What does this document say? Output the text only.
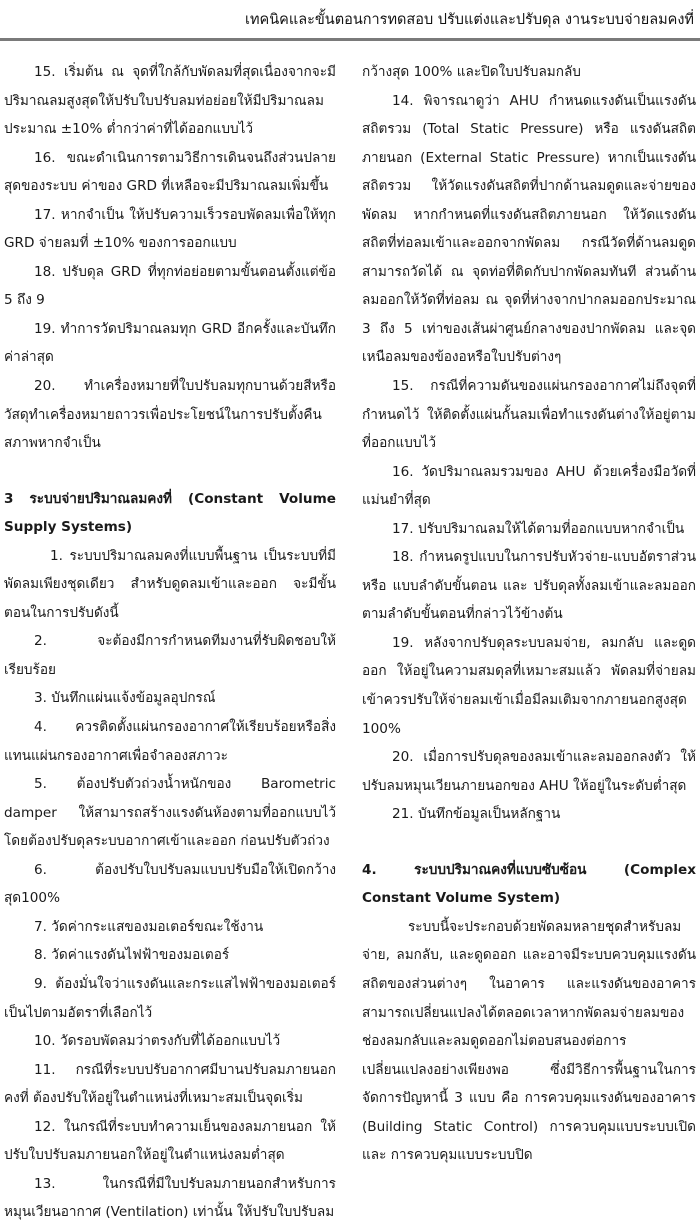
เทคนิคและขั้นตอนการทดสอบ ปรับแต่งและปรับดุล งานระบบจ่ายลมคงที่

15. เริ่มต้น ณ จุดที่ใกล้กับพัดลมที่สุดเนื่องจากจะมีปริมาณลมสูงสุดให้ปรับใบปรับลมท่อย่อยให้มีปริมาณลมประมาณ ±10% ต่ำกว่าค่าที่ได้ออกแบบไว้

16. ขณะดำเนินการตามวิธีการเดินจนถึงส่วนปลายสุดของระบบ ค่าของ GRD ที่เหลือจะมีปริมาณลมเพิ่มขึ้น

17. หากจำเป็น ให้ปรับความเร็วรอบพัดลมเพื่อให้ทุก GRD จ่ายลมที่ ±10% ของการออกแบบ

18. ปรับดุล GRD ที่ทุกท่อย่อยตามขั้นตอนตั้งแต่ข้อ 5 ถึง 9

19. ทำการวัดปริมาณลมทุก GRD อีกครั้งและบันทึกค่าล่าสุด

20. ทำเครื่องหมายที่ใบปรับลมทุกบานด้วยสีหรือวัสดุทำเครื่องหมายถาวรเพื่อประโยชน์ในการปรับตั้งคืนสภาพหากจำเป็น

3 ระบบจ่ายปริมาณลมคงที่ (Constant Volume Supply Systems)

1. ระบบปริมาณลมคงที่แบบพื้นฐาน เป็นระบบที่มีพัดลมเพียงชุดเดียว สำหรับดูดลมเข้าและออก จะมีขั้นตอนในการปรับดังนี้

2. จะต้องมีการกำหนดทีมงานที่รับผิดชอบให้เรียบร้อย

3. บันทึกแผ่นแจ้งข้อมูลอุปกรณ์

4. ควรติดตั้งแผ่นกรองอากาศให้เรียบร้อยหรือสิ่งแทนแผ่นกรองอากาศเพื่อจำลองสภาวะ

5. ต้องปรับตัวถ่วงน้ำหนักของ Barometric damper ให้สามารถสร้างแรงดันห้องตามที่ออกแบบไว้ โดยต้องปรับดุลระบบอากาศเข้าและออก ก่อนปรับตัวถ่วง

6. ต้องปรับใบปรับลมแบบปรับมือให้เปิดกว้างสุด100%

7. วัดค่ากระแสของมอเตอร์ขณะใช้งาน

8. วัดค่าแรงดันไฟฟ้าของมอเตอร์

9. ต้องมั่นใจว่าแรงดันและกระแสไฟฟ้าของมอเตอร์เป็นไปตามอัตราที่เลือกไว้

10. วัดรอบพัดลมว่าตรงกับที่ได้ออกแบบไว้

11. กรณีที่ระบบปรับอากาศมีบานปรับลมภายนอกคงที่ ต้องปรับให้อยู่ในตำแหน่งที่เหมาะสมเป็นจุดเริ่ม

12. ในกรณีที่ระบบทำความเย็นของลมภายนอก ให้ปรับใบปรับลมภายนอกให้อยู่ในตำแหน่งลมต่ำสุด

13. ในกรณีที่มีใบปรับลมภายนอกสำหรับการหมุนเวียนอากาศ (Ventilation) เท่านั้น ให้ปรับใบปรับลม

กว้างสุด 100% และปิดใบปรับลมกลับ

14. พิจารณาดูว่า AHU กำหนดแรงดันเป็นแรงดันสถิตรวม (Total Static Pressure) หรือ แรงดันสถิตภายนอก (External Static Pressure) หากเป็นแรงดันสถิตรวม ให้วัดแรงดันสถิตที่ปากด้านลมดูดและจ่ายของพัดลม หากกำหนดที่แรงดันสถิตภายนอก ให้วัดแรงดันสถิตที่ท่อลมเข้าและออกจากพัดลม กรณีวัดที่ด้านลมดูดสามารถวัดได้ ณ จุดท่อที่ติดกับปากพัดลมทันที ส่วนด้านลมออกให้วัดที่ท่อลม ณ จุดที่ห่างจากปากลมออกประมาณ 3 ถึง 5 เท่าของเส้นผ่าศูนย์กลางของปากพัดลม และจุดเหนือลมของข้องอหรือใบปรับต่างๆ

15. กรณีที่ความดันของแผ่นกรองอากาศไม่ถึงจุดที่กำหนดไว้ ให้ติดตั้งแผ่นกั้นลมเพื่อทำแรงดันต่างให้อยู่ตามที่ออกแบบไว้

16. วัดปริมาณลมรวมของ AHU ด้วยเครื่องมือวัดที่แม่นยำที่สุด

17. ปรับปริมาณลมให้ได้ตามที่ออกแบบหากจำเป็น

18. กำหนดรูปแบบในการปรับหัวจ่าย-แบบอัตราส่วน หรือ แบบลำดับขั้นตอน และ ปรับดุลทั้งลมเข้าและลมออกตามลำดับขั้นตอนที่กล่าวไว้ข้างต้น

19. หลังจากปรับดุลระบบลมจ่าย, ลมกลับ และดูดออก ให้อยู่ในความสมดุลที่เหมาะสมแล้ว พัดลมที่จ่ายลมเข้าควรปรับให้จ่ายลมเข้าเมื่อมีลมเติมจากภายนอกสูงสุด 100%

20. เมื่อการปรับดุลของลมเข้าและลมออกลงตัว ให้ปรับลมหมุนเวียนภายนอกของ AHU ให้อยู่ในระดับต่ำสุด

21. บันทึกข้อมูลเป็นหลักฐาน

4. ระบบปริมาณคงที่แบบซับซ้อน (Complex Constant Volume System)

ระบบนี้จะประกอบด้วยพัดลมหลายชุดสำหรับลมจ่าย, ลมกลับ, และดูดออก และอาจมีระบบควบคุมแรงดันสถิตของส่วนต่างๆ ในอาคาร และแรงดันของอาคารสามารถเปลี่ยนแปลงได้ตลอดเวลาหากพัดลมจ่ายลมของช่องลมกลับและลมดูดออกไม่ตอบสนองต่อการเปลี่ยนแปลงอย่างเพียงพอ ซึ่งมีวิธีการพื้นฐานในการจัดการปัญหานี้ 3 แบบ คือ การควบคุมแรงดันของอาคาร (Building Static Control) การควบคุมแบบระบบเปิด และ การควบคุมแบบระบบปิด
